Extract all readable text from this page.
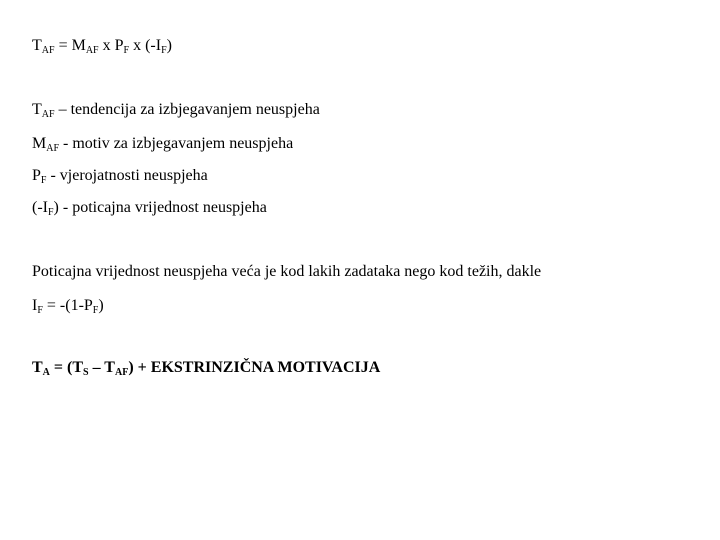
$T_{AF} = M_{AF}$ x $P_F$ x $(-I_F)$
$T_{AF}$ – tendencija za izbjegavanjem neuspjeha
$M_{AF}$ - motiv za izbjegavanjem neuspjeha
$P_F$ - vjerojatnosti neuspjeha
$(-I_F)$ - poticajna vrijednost neuspjeha
Poticajna vrijednost neuspjeha veća je kod lakih zadataka nego kod težih, dakle
$I_F = -(1-P_F)$
$T_A = (T_S - T_{AF})$ + EKSTRINZIČNA MOTIVACIJA
